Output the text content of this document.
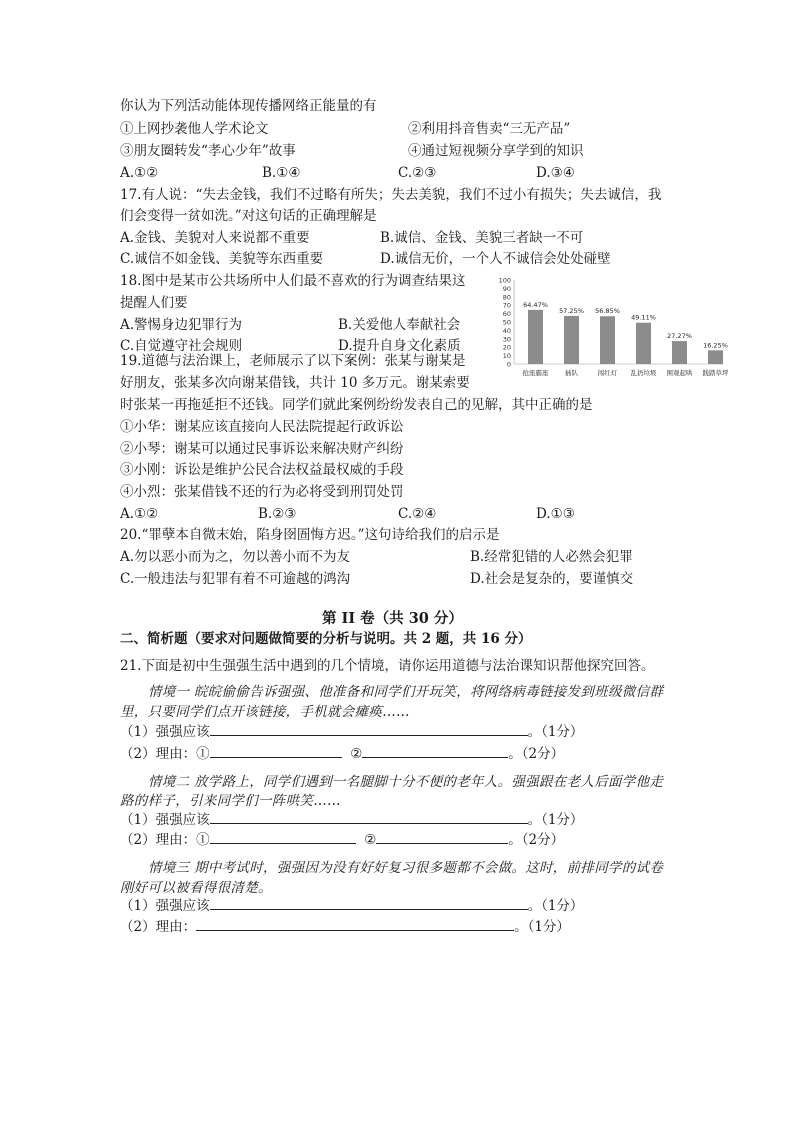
你认为下列活动能体现传播网络正能量的有
①上网抄袭他人学术论文	②利用抖音售卖“三无产品”
③朋友圈转发“孝心少年”故事	④通过短视频分享学到的知识
A.①②	B.①④	C.②③	D.③④
17.有人说：“失去金钱，我们不过略有所失；失去美貌，我们不过小有损失；失去诚信，我
们会变得一贫如洗。”对这句话的正确理解是
A.金钱、美貌对人来说都不重要	B.诚信、金钱、美貌三者缺一不可
C.诚信不如金钱、美貌等东西重要	D.诚信无价，一个人不诚信会处处碰壁
18.图中是某市公共场所中人们最不喜欢的行为调查结果这
提醒人们要
A.警惕身边犯罪行为	B.关爱他人奉献社会
C.自觉遵守社会规则	D.提升自身文化素质
0
10
20
30
40
50
60
70
80
90
100
64.47%
抢座霸座
57.25%
插队
56.85%
闯红灯
49.11%
乱扔垃圾
27.27%
围观起哄
16.25%
践踏草坪
19.道德与法治课上，老师展示了以下案例：张某与谢某是
好朋友，张某多次向谢某借钱，共计 10 多万元。谢某索要
时张某一再拖延拒不还钱。同学们就此案例纷纷发表自己的见解，其中正确的是
①小华：谢某应该直接向人民法院提起行政诉讼
②小琴：谢某可以通过民事诉讼来解决财产纠纷
③小刚：诉讼是维护公民合法权益最权威的手段
④小烈：张某借钱不还的行为必将受到刑罚处罚
A.①②	B.②③	C.②④	D.①③
20.“罪孽本自微末始，陷身囹圄悔方迟。”这句诗给我们的启示是
A.勿以恶小而为之，勿以善小而不为友	B.经常犯错的人必然会犯罪
C.一般违法与犯罪有着不可逾越的鸿沟	D.社会是复杂的，要谨慎交
第 II 卷（共 30 分）
二、简析题（要求对问题做简要的分析与说明。共 2 题，共 16 分）
21.下面是初中生强强生活中遇到的几个情境，请你运用道德与法治课知识帮他探究回答。
情境一 皖皖偷偷告诉强强、他准备和同学们开玩笑，将网络病毒链接发到班级微信群
里，只要同学们点开该链接，手机就会瘫痪……
（1）强强应该	。（1分）
（2）理由：①	②	。（2分）
情境二 放学路上，同学们遇到一名腿脚十分不便的老年人。强强跟在老人后面学他走
路的样子，引来同学们一阵哄笑……
（1）强强应该	。（1分）
（2）理由：①	②	。（2分）
情境三 期中考试时，强强因为没有好好复习很多题都不会做。这时，前排同学的试卷
刚好可以被看得很清楚。
（1）强强应该	。（1分）
（2）理由：	。（1分）
